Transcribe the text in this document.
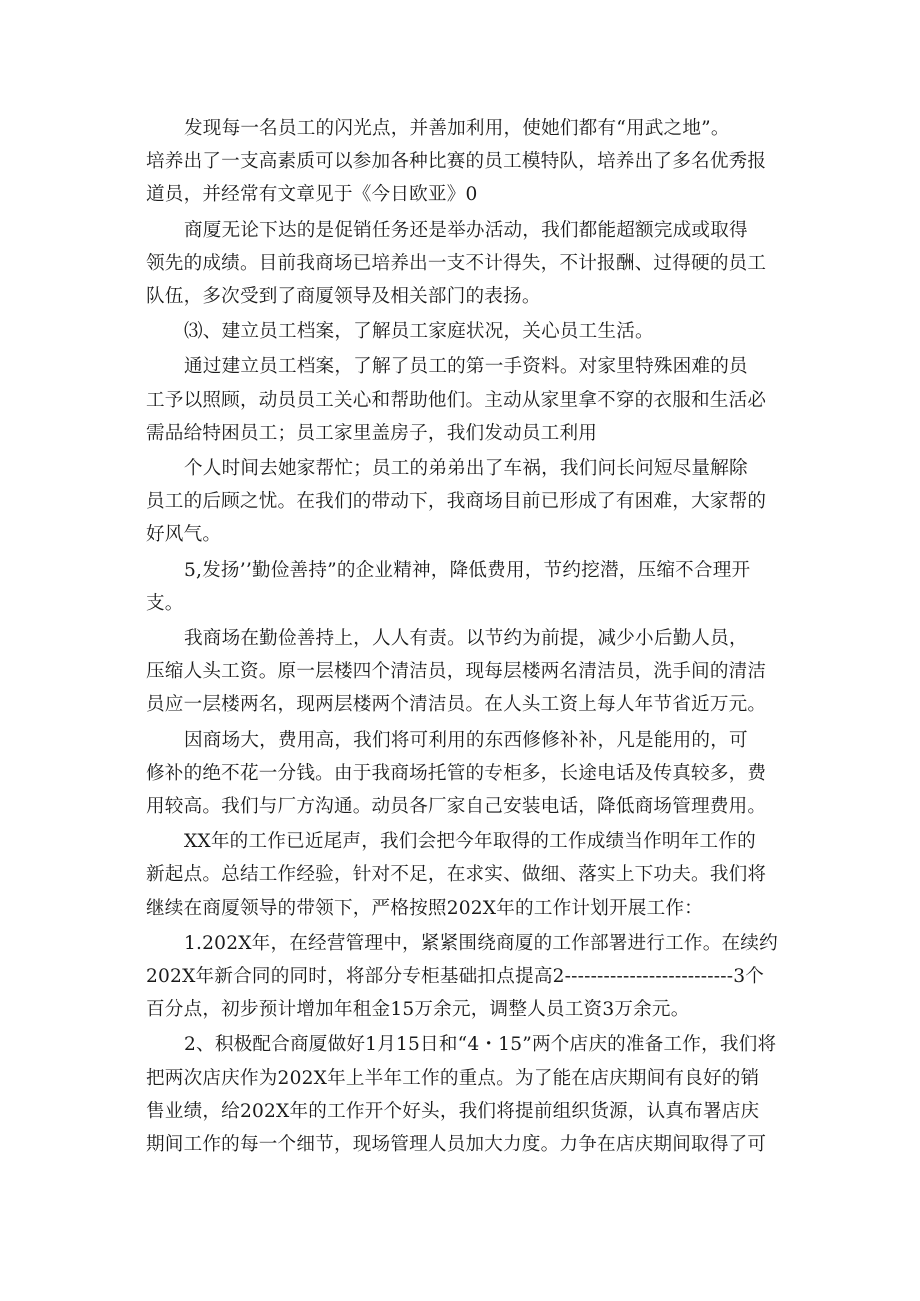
发现每一名员工的闪光点，并善加利用，使她们都有“用武之地”。
培养出了一支高素质可以参加各种比赛的员工模特队，培养出了多名优秀报
道员，并经常有文章见于《今日欧亚》0

商厦无论下达的是促销任务还是举办活动，我们都能超额完成或取得
领先的成绩。目前我商场已培养出一支不计得失，不计报酬、过得硬的员工
队伍，多次受到了商厦领导及相关部门的表扬。

⑶、建立员工档案，了解员工家庭状况，关心员工生活。

通过建立员工档案，了解了员工的第一手资料。对家里特殊困难的员
工予以照顾，动员员工关心和帮助他们。主动从家里拿不穿的衣服和生活必
需品给特困员工；员工家里盖房子，我们发动员工利用

个人时间去她家帮忙；员工的弟弟出了车祸，我们问长问短尽量解除
员工的后顾之忧。在我们的带动下，我商场目前已形成了有困难，大家帮的
好风气。

5,发扬’’勤俭善持”的企业精神，降低费用，节约挖潜，压缩不合理开
支。

我商场在勤俭善持上，人人有责。以节约为前提，减少小后勤人员，
压缩人头工资。原一层楼四个清洁员，现每层楼两名清洁员，洗手间的清洁
员应一层楼两名，现两层楼两个清洁员。在人头工资上每人年节省近万元。

因商场大，费用高，我们将可利用的东西修修补补，凡是能用的，可
修补的绝不花一分钱。由于我商场托管的专柜多，长途电话及传真较多，费
用较高。我们与厂方沟通。动员各厂家自己安装电话，降低商场管理费用。

XX年的工作已近尾声，我们会把今年取得的工作成绩当作明年工作的
新起点。总结工作经验，针对不足，在求实、做细、落实上下功夫。我们将
继续在商厦领导的带领下，严格按照202X年的工作计划开展工作：

1.202X年，在经营管理中，紧紧围绕商厦的工作部署进行工作。在续约
202X年新合同的同时，将部分专柜基础扣点提高2--------------------------3个
百分点，初步预计增加年租金15万余元，调整人员工资3万余元。

2、积极配合商厦做好1月15日和“4・15”两个店庆的准备工作，我们将
把两次店庆作为202X年上半年工作的重点。为了能在店庆期间有良好的销
售业绩，给202X年的工作开个好头，我们将提前组织货源，认真布署店庆
期间工作的每一个细节，现场管理人员加大力度。力争在店庆期间取得了可
